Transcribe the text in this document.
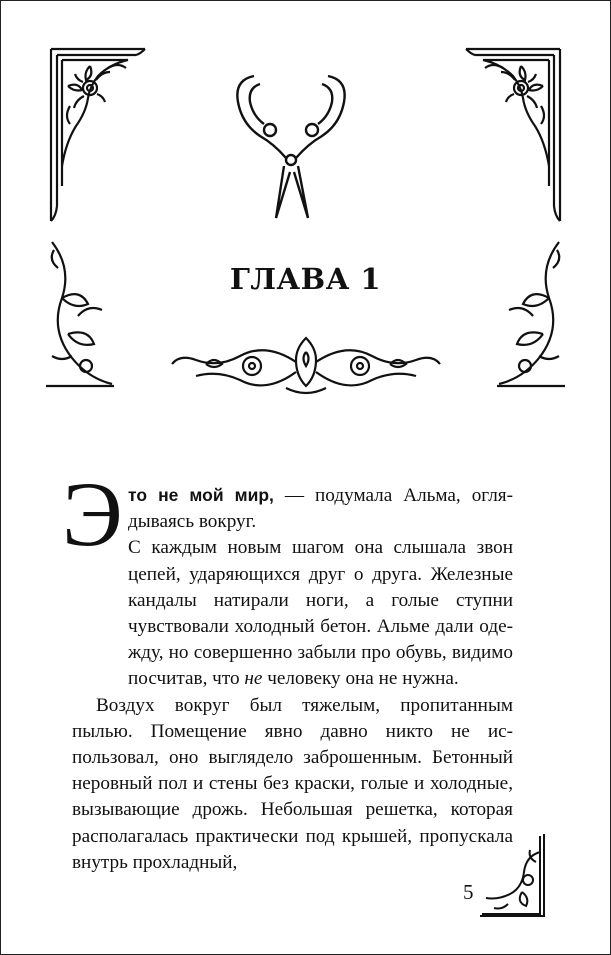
ГЛАВА 1
Э то не мой мир, — подумала Альма, оглядываясь вокруг.

С каждым новым шагом она слышала звон цепей, ударяющихся друг о друга. Железные кандалы натирали ноги, а голые ступни чувствовали холодный бетон. Альме дали одежду, но совершенно забыли про обувь, видимо посчитав, что не человеку она не нужна.

Воздух вокруг был тяжелым, пропитанным пылью. Помещение явно давно никто не использовал, оно выглядело заброшенным. Бетонный неровный пол и стены без краски, голые и холодные, вызывающие дрожь. Небольшая решетка, которая располагалась практически под крышей, пропускала внутрь прохладный,

5
